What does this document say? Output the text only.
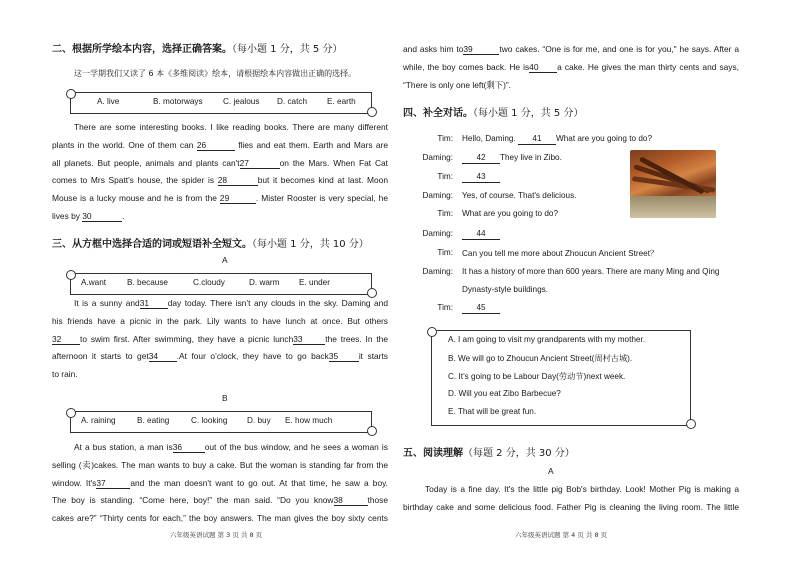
二、根据所学绘本内容，选择正确答案。（每小题 1 分，共 5 分）
这一学期我们又读了 6 本《多维阅读》绘本，请根据绘本内容做出正确的选择。
A. live	B. motorways C. jealous D. catch E. earth
There are some interesting books. I like reading books. There are many different
plants in the world. One of them can 26	flies and eat them. Earth and Mars are
all planets. But people, animals and plants can't27	on the Mars. When Fat Cat
comes to Mrs Spatt's house, the spider is 28	but it becomes kind at last. Moon
Mouse is a lucky mouse and he is from the 29	. Mister Rooster is very special, he
lives by 30	.
三、从方框中选择合适的词或短语补全短文。（每小题 1 分，共 10 分）
A
A.want	B. because	C.cloudy	D. warm E. under
It is a sunny and31 day today. There isn’t any clouds in the sky. Daming and
his friends have a picnic in the park. Lily wants to have lunch at once. But others
32 to swim first. After swimming, they have a picnic lunch33	the trees. In the
afternoon it starts to get34 .At four o’clock, they have to go back35 it starts
to rain.
B
A. raining	B. eating	C. looking D. buy E. how much
At a bus station, a man is36	out of the bus window, and he sees a woman is
selling (卖)cakes. The man wants to buy a cake. But the woman is standing far from the
window. It's37	and the man doesn't want to go out. At that time, he saw a boy.
The boy is standing. “Come here, boy!” the man said. “Do you know38	those
cakes are?” “Thirty cents for each,” the boy answers. The man gives the boy sixty cents
六年级英语试题 第 3 页 共 8 页
and asks him to39	two cakes. “One is for me, and one is for you," he says. After a
while, the boy comes back. He is40 a cake. He gives the man thirty cents and says,
“There is only one left(剩下)”.
四、补全对话。（每小题 1 分，共 5 分）
Tim: Hello, Daming. 41 What are you going to do?
Daming:	42 They live in Zibo.
Tim:	43
Daming: Yes, of course. That's delicious.
Tim: What are you going to do?
Daming:	44
Tim: Can you tell me more about Zhoucun Ancient Street？
Daming: It has a history of more than 600 years. There are many Ming and Qing
Dynasty-style buildings.
Tim:	45
A. I am going to visit my grandparents with my mother.
B. We will go to Zhoucun Ancient Street(周村古城).
C. It’s going to be Labour Day(劳动节)next week.
D. Will you eat Zibo Barbecue?
E. That will be great fun.
五、阅读理解（每题 2 分，共 30 分）
A
Today is a fine day. It's the little pig Bob's birthday. Look! Mother Pig is making a
birthday cake and some delicious food. Father Pig is cleaning the living room. The little
六年级英语试题 第 4 页 共 8 页
